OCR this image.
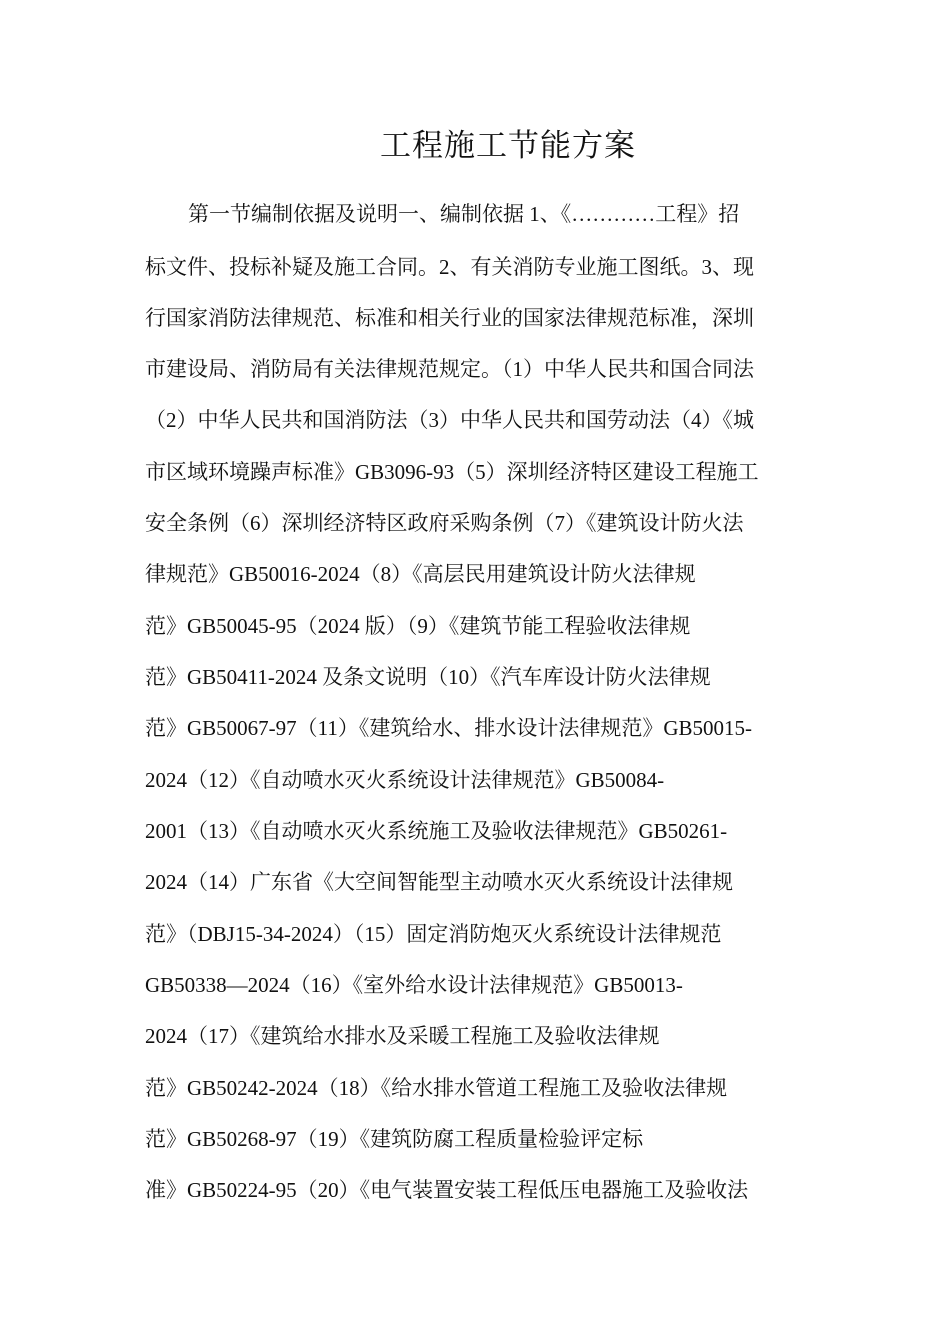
工程施工节能方案
第一节编制依据及说明一、编制依据 1、《…………工程》招
标文件、投标补疑及施工合同。2、有关消防专业施工图纸。3、现
行国家消防法律规范、标准和相关行业的国家法律规范标准，深圳
市建设局、消防局有关法律规范规定。（1）中华人民共和国合同法
（2）中华人民共和国消防法（3）中华人民共和国劳动法（4）《城
市区域环境躁声标准》GB3096-93（5）深圳经济特区建设工程施工
安全条例（6）深圳经济特区政府采购条例（7）《建筑设计防火法
律规范》GB50016-2024（8）《高层民用建筑设计防火法律规
范》GB50045-95（2024 版）（9）《建筑节能工程验收法律规
范》GB50411-2024 及条文说明（10）《汽车库设计防火法律规
范》GB50067-97（11）《建筑给水、排水设计法律规范》GB50015-
2024（12）《自动喷水灭火系统设计法律规范》GB50084-
2001（13）《自动喷水灭火系统施工及验收法律规范》GB50261-
2024（14）广东省《大空间智能型主动喷水灭火系统设计法律规
范》（DBJ15-34-2024）（15）固定消防炮灭火系统设计法律规范
GB50338—2024（16）《室外给水设计法律规范》GB50013-
2024（17）《建筑给水排水及采暖工程施工及验收法律规
范》GB50242-2024（18）《给水排水管道工程施工及验收法律规
范》GB50268-97（19）《建筑防腐工程质量检验评定标
准》GB50224-95（20）《电气装置安装工程低压电器施工及验收法
